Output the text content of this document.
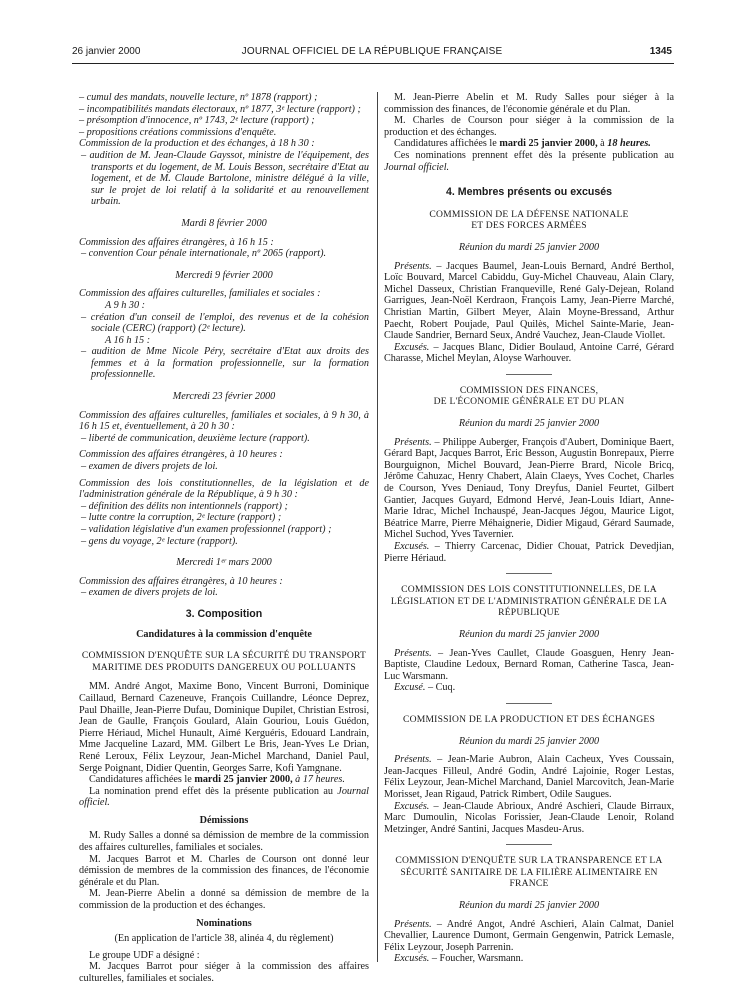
26 janvier 2000	JOURNAL OFFICIEL DE LA RÉPUBLIQUE FRANÇAISE	1345

– cumul des mandats, nouvelle lecture, nº 1878 (rapport) ;

– incompatibilités mandats électoraux, nº 1877, 3ᵉ lecture (rapport) ;

– présomption d'innocence, nº 1743, 2ᵉ lecture (rapport) ;

– propositions créations commissions d'enquête.

Commission de la production et des échanges, à 18 h 30 :

– audition de M. Jean-Claude Gayssot, ministre de l'équipement, des transports et du logement, de M. Louis Besson, secrétaire d'Etat au logement, et de M. Claude Bartolone, ministre délégué à la ville, sur le projet de loi relatif à la solidarité et au renouvellement urbain.

Mardi 8 février 2000

Commission des affaires étrangères, à 16 h 15 :

– convention Cour pénale internationale, nº 2065 (rapport).

Mercredi 9 février 2000

Commission des affaires culturelles, familiales et sociales :

A 9 h 30 :

– création d'un conseil de l'emploi, des revenus et de la cohésion sociale (CERC) (rapport) (2ᵉ lecture).

A 16 h 15 :

– audition de Mme Nicole Péry, secrétaire d'Etat aux droits des femmes et à la formation professionnelle, sur la formation professionnelle.

Mercredi 23 février 2000

Commission des affaires culturelles, familiales et sociales, à 9 h 30, à 16 h 15 et, éventuellement, à 20 h 30 :

– liberté de communication, deuxième lecture (rapport).

Commission des affaires étrangères, à 10 heures :

– examen de divers projets de loi.

Commission des lois constitutionnelles, de la législation et de l'administration générale de la République, à 9 h 30 :

– définition des délits non intentionnels (rapport) ;

– lutte contre la corruption, 2ᵉ lecture (rapport) ;

– validation législative d'un examen professionnel (rapport) ;

– gens du voyage, 2ᵉ lecture (rapport).

Mercredi 1ᵉʳ mars 2000

Commission des affaires étrangères, à 10 heures :

– examen de divers projets de loi.

3. Composition

Candidatures à la commission d'enquête

COMMISSION D'ENQUÊTE SUR LA SÉCURITÉ DU TRANSPORT MARITIME DES PRODUITS DANGEREUX OU POLLUANTS

MM. André Angot, Maxime Bono, Vincent Burroni, Dominique Caillaud, Bernard Cazeneuve, François Cuillandre, Léonce Deprez, Paul Dhaille, Jean-Pierre Dufau, Dominique Dupilet, Christian Estrosi, Jean de Gaulle, François Goulard, Alain Gouriou, Louis Guédon, Pierre Hériaud, Michel Hunault, Aimé Kerguéris, Edouard Landrain, Mme Jacqueline Lazard, MM. Gilbert Le Bris, Jean-Yves Le Drian, René Leroux, Félix Leyzour, Jean-Michel Marchand, Daniel Paul, Serge Poignant, Didier Quentin, Georges Sarre, Kofi Yamgnane.

Candidatures affichées le mardi 25 janvier 2000, à 17 heures.

La nomination prend effet dès la présente publication au Journal officiel.

Démissions

M. Rudy Salles a donné sa démission de membre de la commission des affaires culturelles, familiales et sociales.

M. Jacques Barrot et M. Charles de Courson ont donné leur démission de membres de la commission des finances, de l'économie générale et du Plan.

M. Jean-Pierre Abelin a donné sa démission de membre de la commission de la production et des échanges.

Nominations

(En application de l'article 38, alinéa 4, du règlement)

Le groupe UDF a désigné :

M. Jacques Barrot pour siéger à la commission des affaires culturelles, familiales et sociales.

M. Jean-Pierre Abelin et M. Rudy Salles pour siéger à la commission des finances, de l'économie générale et du Plan.

M. Charles de Courson pour siéger à la commission de la production et des échanges.

Candidatures affichées le mardi 25 janvier 2000, à 18 heures.

Ces nominations prennent effet dès la présente publication au Journal officiel.

4. Membres présents ou excusés

COMMISSION DE LA DÉFENSE NATIONALE
ET DES FORCES ARMÉES

Réunion du mardi 25 janvier 2000

Présents. – Jacques Baumel, Jean-Louis Bernard, André Berthol, Loïc Bouvard, Marcel Cabiddu, Guy-Michel Chauveau, Alain Clary, Michel Dasseux, Christian Franqueville, René Galy-Dejean, Roland Garrigues, Jean-Noël Kerdraon, François Lamy, Jean-Pierre Marché, Christian Martin, Gilbert Meyer, Alain Moyne-Bressand, Arthur Paecht, Robert Poujade, Paul Quilès, Michel Sainte-Marie, Jean-Claude Sandrier, Bernard Seux, André Vauchez, Jean-Claude Viollet.

Excusés. – Jacques Blanc, Didier Boulaud, Antoine Carré, Gérard Charasse, Michel Meylan, Aloyse Warhouver.

COMMISSION DES FINANCES,
DE L'ÉCONOMIE GÉNÉRALE ET DU PLAN

Réunion du mardi 25 janvier 2000

Présents. – Philippe Auberger, François d'Aubert, Dominique Baert, Gérard Bapt, Jacques Barrot, Eric Besson, Augustin Bonrepaux, Pierre Bourguignon, Michel Bouvard, Jean-Pierre Brard, Nicole Bricq, Jérôme Cahuzac, Henry Chabert, Alain Claeys, Yves Cochet, Charles de Courson, Yves Deniaud, Tony Dreyfus, Daniel Feurtet, Gilbert Gantier, Jacques Guyard, Edmond Hervé, Jean-Louis Idiart, Anne-Marie Idrac, Michel Inchauspé, Jean-Jacques Jégou, Maurice Ligot, Béatrice Marre, Pierre Méhaignerie, Didier Migaud, Gérard Saumade, Michel Suchod, Yves Tavernier.

Excusés. – Thierry Carcenac, Didier Chouat, Patrick Devedjian, Pierre Hériaud.

COMMISSION DES LOIS CONSTITUTIONNELLES, DE LA LÉGISLATION ET DE L'ADMINISTRATION GÉNÉRALE DE LA RÉPUBLIQUE

Réunion du mardi 25 janvier 2000

Présents. – Jean-Yves Caullet, Claude Goasguen, Henry Jean-Baptiste, Claudine Ledoux, Bernard Roman, Catherine Tasca, Jean-Luc Warsmann.

Excusé. – Cuq.

COMMISSION DE LA PRODUCTION ET DES ÉCHANGES

Réunion du mardi 25 janvier 2000

Présents. – Jean-Marie Aubron, Alain Cacheux, Yves Coussain, Jean-Jacques Filleul, André Godin, André Lajoinie, Roger Lestas, Félix Leyzour, Jean-Michel Marchand, Daniel Marcovitch, Jean-Marie Morisset, Jean Rigaud, Patrick Rimbert, Odile Saugues.

Excusés. – Jean-Claude Abrioux, André Aschieri, Claude Birraux, Marc Dumoulin, Nicolas Forissier, Jean-Claude Lenoir, Roland Metzinger, André Santini, Jacques Masdeu-Arus.

COMMISSION D'ENQUÊTE SUR LA TRANSPARENCE ET LA SÉCURITÉ SANITAIRE DE LA FILIÈRE ALIMENTAIRE EN FRANCE

Réunion du mardi 25 janvier 2000

Présents. – André Angot, André Aschieri, Alain Calmat, Daniel Chevallier, Laurence Dumont, Germain Gengenwin, Patrick Lemasle, Félix Leyzour, Joseph Parrenin.

Excusés. – Foucher, Warsmann.
